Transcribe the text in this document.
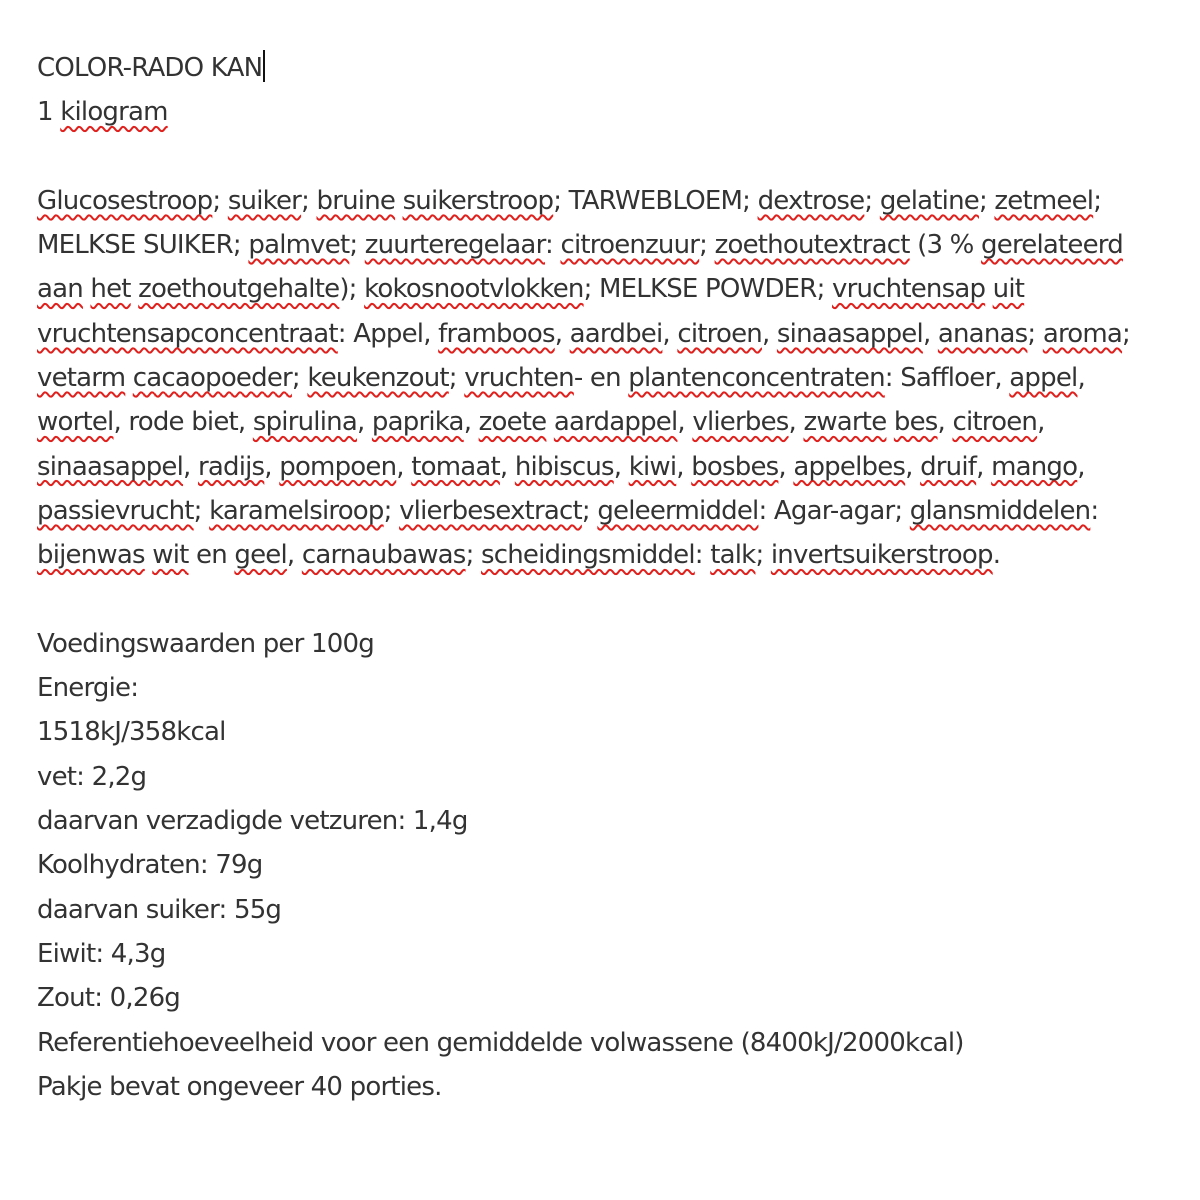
COLOR-RADO KAN
1 kilogram
Glucosestroop; suiker; bruine suikerstroop; TARWEBLOEM; dextrose; gelatine; zetmeel;
MELKSE SUIKER; palmvet; zuurteregelaar: citroenzuur; zoethoutextract (3 % gerelateerd
aan het zoethoutgehalte); kokosnootvlokken; MELKSE POWDER; vruchtensap uit
vruchtensapconcentraat: Appel, framboos, aardbei, citroen, sinaasappel, ananas; aroma;
vetarm cacaopoeder; keukenzout; vruchten- en plantenconcentraten: Saffloer, appel,
wortel, rode biet, spirulina, paprika, zoete aardappel, vlierbes, zwarte bes, citroen,
sinaasappel, radijs, pompoen, tomaat, hibiscus, kiwi, bosbes, appelbes, druif, mango,
passievrucht; karamelsiroop; vlierbesextract; geleermiddel: Agar-agar; glansmiddelen:
bijenwas wit en geel, carnaubawas; scheidingsmiddel: talk; invertsuikerstroop.
Voedingswaarden per 100g
Energie:
1518kJ/358kcal
vet: 2,2g
daarvan verzadigde vetzuren: 1,4g
Koolhydraten: 79g
daarvan suiker: 55g
Eiwit: 4,3g
Zout: 0,26g
Referentiehoeveelheid voor een gemiddelde volwassene (8400kJ/2000kcal)
Pakje bevat ongeveer 40 porties.
